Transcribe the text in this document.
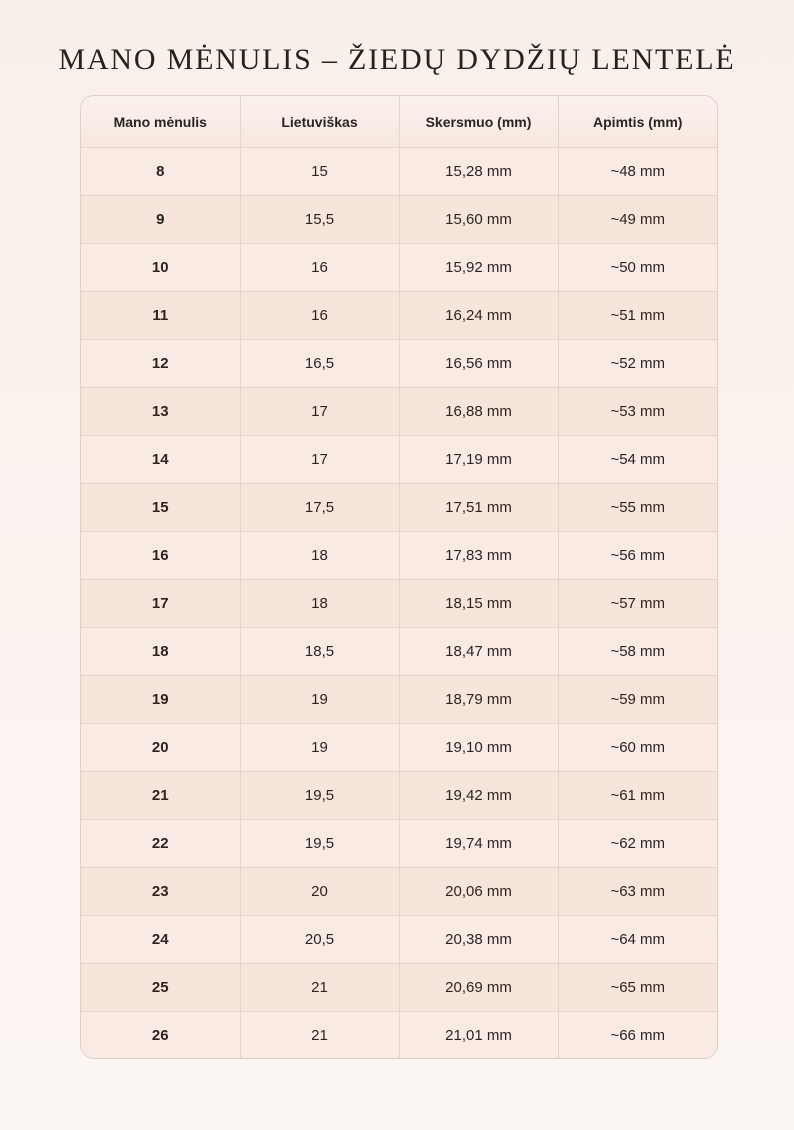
MANO MĖNULIS – ŽIEDŲ DYDŽIŲ LENTELĖ
Mano mėnulis	Lietuviškas	Skersmuo (mm)	Apimtis (mm)
8	15	15,28 mm	~48 mm
9	15,5	15,60 mm	~49 mm
10	16	15,92 mm	~50 mm
11	16	16,24 mm	~51 mm
12	16,5	16,56 mm	~52 mm
13	17	16,88 mm	~53 mm
14	17	17,19 mm	~54 mm
15	17,5	17,51 mm	~55 mm
16	18	17,83 mm	~56 mm
17	18	18,15 mm	~57 mm
18	18,5	18,47 mm	~58 mm
19	19	18,79 mm	~59 mm
20	19	19,10 mm	~60 mm
21	19,5	19,42 mm	~61 mm
22	19,5	19,74 mm	~62 mm
23	20	20,06 mm	~63 mm
24	20,5	20,38 mm	~64 mm
25	21	20,69 mm	~65 mm
26	21	21,01 mm	~66 mm
